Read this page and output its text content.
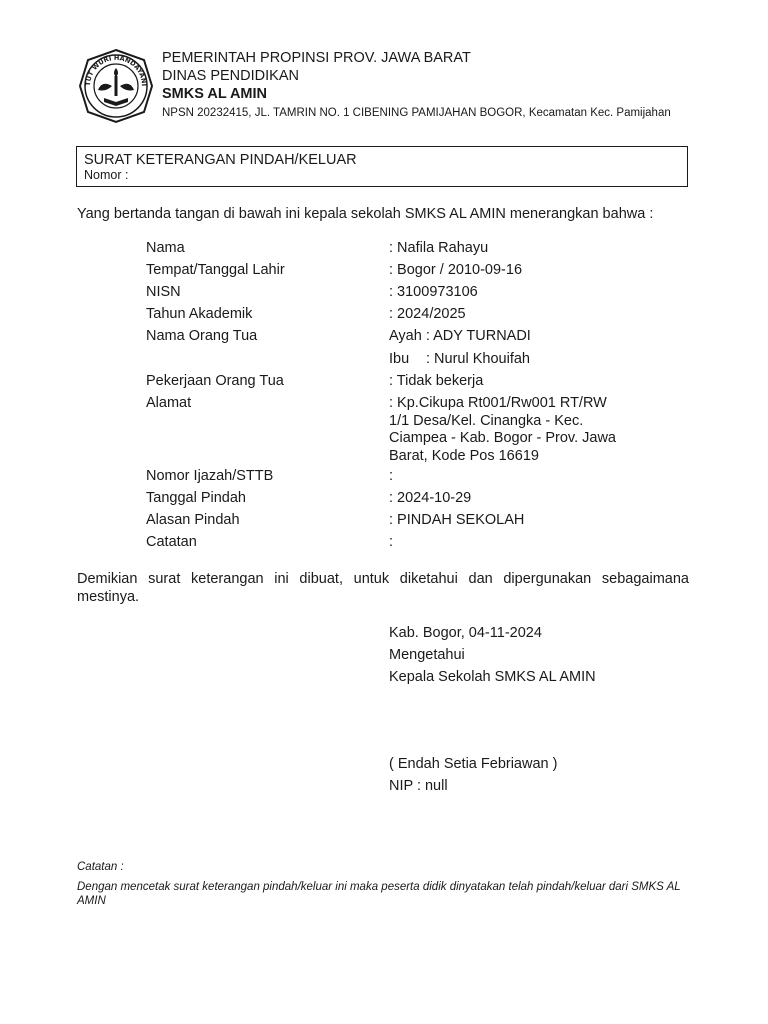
TUT WURI HANDAYANI
PEMERINTAH PROPINSI PROV. JAWA BARAT
DINAS PENDIDIKAN
SMKS AL AMIN
NPSN 20232415, JL. TAMRIN NO. 1 CIBENING PAMIJAHAN BOGOR, Kecamatan Kec. Pamijahan
SURAT KETERANGAN PINDAH/KELUAR
Nomor :
Yang bertanda tangan di bawah ini kepala sekolah SMKS AL AMIN menerangkan bahwa :
Nama	: Nafila Rahayu
Tempat/Tanggal Lahir	: Bogor / 2010-09-16
NISN	: 3100973106
Tahun Akademik	: 2024/2025
Nama Orang Tua	Ayah : ADY TURNADI
Ibu : Nurul Khouifah
Pekerjaan Orang Tua	: Tidak bekerja
Alamat	: Kp.Cikupa Rt001/Rw001 RT/RW 1/1 Desa/Kel. Cinangka - Kec. Ciampea - Kab. Bogor - Prov. Jawa Barat, Kode Pos 16619
Nomor Ijazah/STTB	:
Tanggal Pindah	: 2024-10-29
Alasan Pindah	: PINDAH SEKOLAH
Catatan	:
Demikian surat keterangan ini dibuat, untuk diketahui dan dipergunakan sebagaimana mestinya.
Kab. Bogor, 04-11-2024
Mengetahui
Kepala Sekolah SMKS AL AMIN
( Endah Setia Febriawan )
NIP : null
Catatan :
Dengan mencetak surat keterangan pindah/keluar ini maka peserta didik dinyatakan telah pindah/keluar dari SMKS AL AMIN
